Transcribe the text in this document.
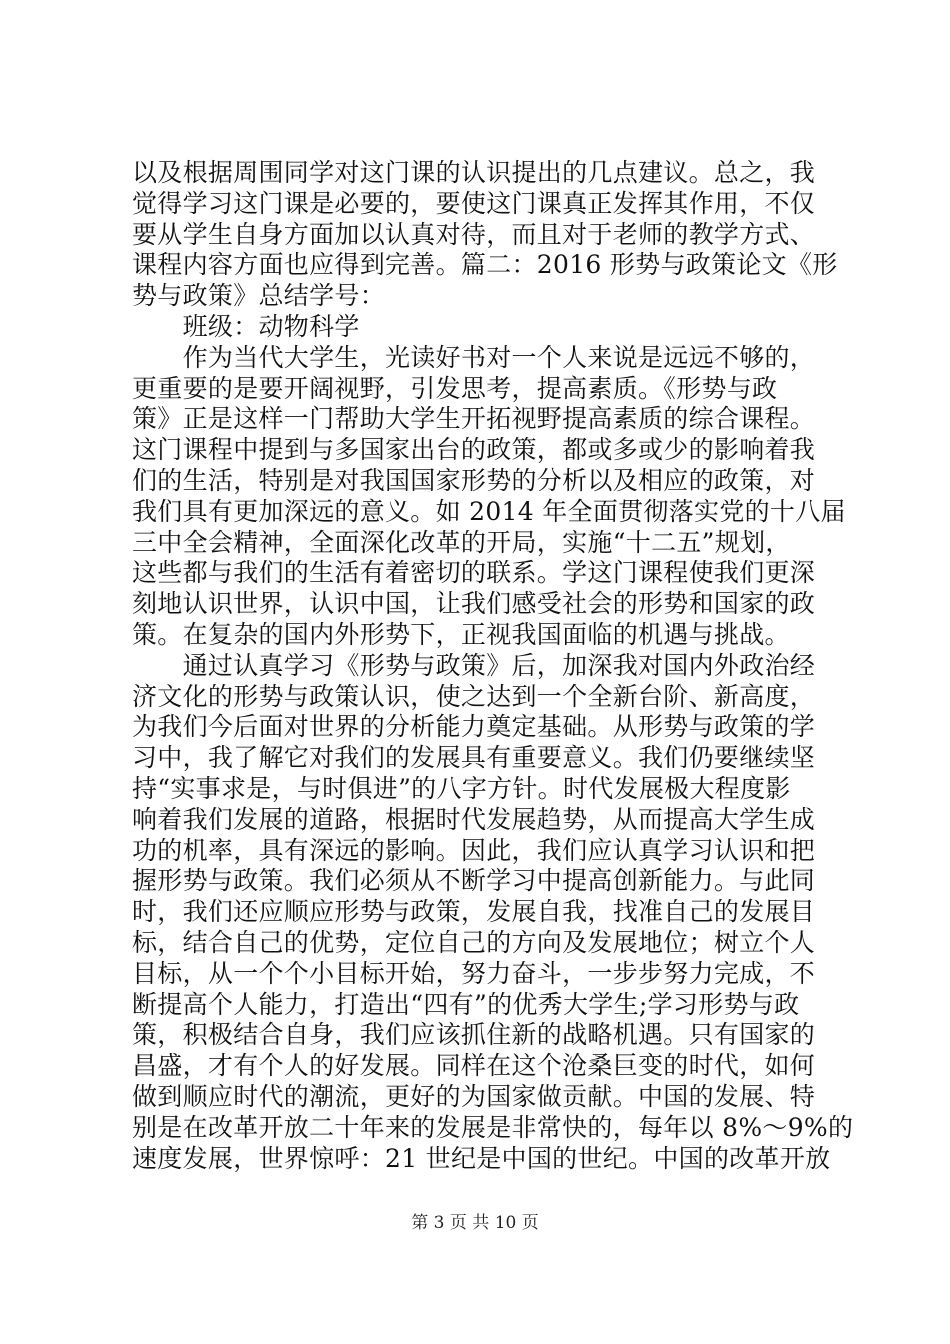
以及根据周围同学对这门课的认识提出的几点建议。总之，我
觉得学习这门课是必要的，要使这门课真正发挥其作用，不仅
要从学生自身方面加以认真对待，而且对于老师的教学方式、
课程内容方面也应得到完善。篇二：2016 形势与政策论文《形
势与政策》总结学号：
　　班级：动物科学
　　作为当代大学生，光读好书对一个人来说是远远不够的，
更重要的是要开阔视野，引发思考，提高素质。《形势与政
策》正是这样一门帮助大学生开拓视野提高素质的综合课程。
这门课程中提到与多国家出台的政策，都或多或少的影响着我
们的生活，特别是对我国国家形势的分析以及相应的政策，对
我们具有更加深远的意义。如 2014 年全面贯彻落实党的十八届
三中全会精神，全面深化改革的开局，实施“十二五”规划，
这些都与我们的生活有着密切的联系。学这门课程使我们更深
刻地认识世界，认识中国，让我们感受社会的形势和国家的政
策。在复杂的国内外形势下，正视我国面临的机遇与挑战。
　　通过认真学习《形势与政策》后，加深我对国内外政治经
济文化的形势与政策认识，使之达到一个全新台阶、新高度，
为我们今后面对世界的分析能力奠定基础。从形势与政策的学
习中，我了解它对我们的发展具有重要意义。我们仍要继续坚
持“实事求是，与时俱进”的八字方针。时代发展极大程度影
响着我们发展的道路，根据时代发展趋势，从而提高大学生成
功的机率，具有深远的影响。因此，我们应认真学习认识和把
握形势与政策。我们必须从不断学习中提高创新能力。与此同
时，我们还应顺应形势与政策，发展自我，找准自己的发展目
标，结合自己的优势，定位自己的方向及发展地位；树立个人
目标，从一个个小目标开始，努力奋斗，一步步努力完成，不
断提高个人能力，打造出“四有”的优秀大学生;学习形势与政
策，积极结合自身，我们应该抓住新的战略机遇。只有国家的
昌盛，才有个人的好发展。同样在这个沧桑巨变的时代，如何
做到顺应时代的潮流，更好的为国家做贡献。中国的发展、特
别是在改革开放二十年来的发展是非常快的，每年以 8%～9%的
速度发展，世界惊呼：21 世纪是中国的世纪。中国的改革开放
第 3 页 共 10 页
